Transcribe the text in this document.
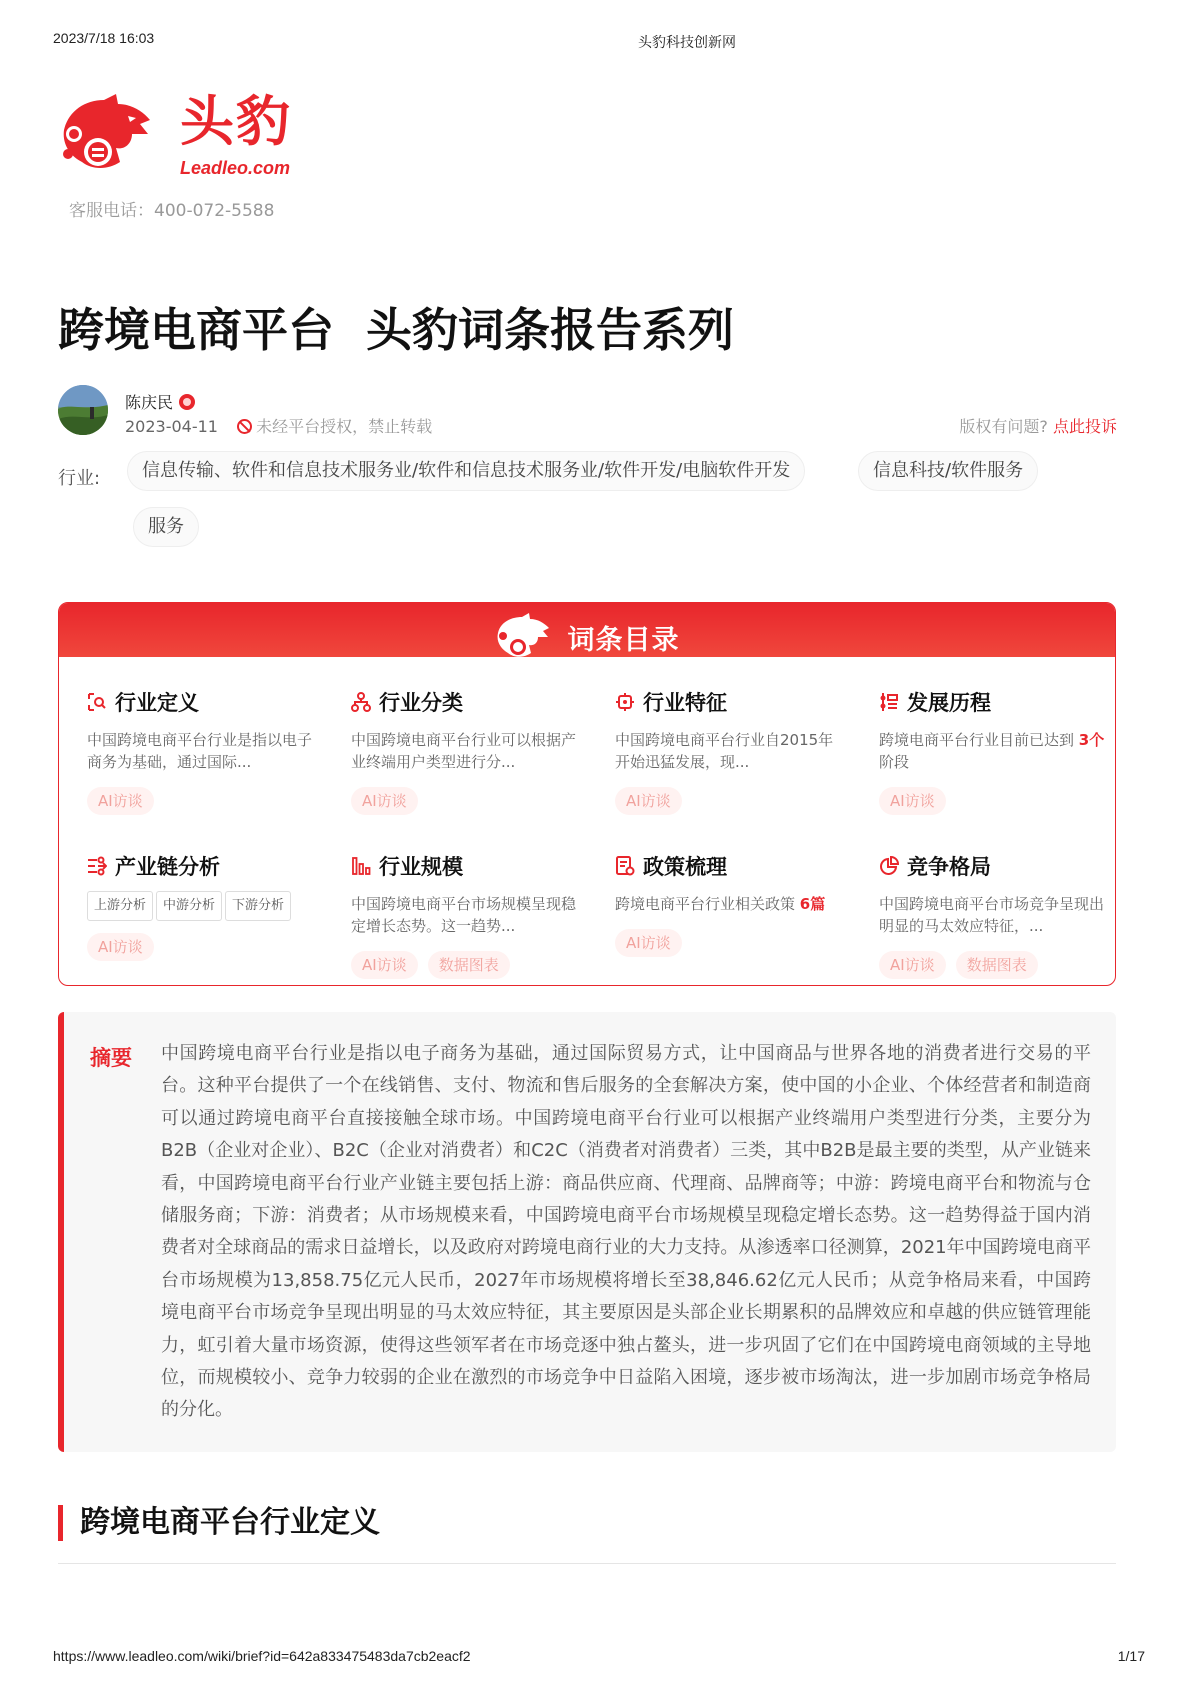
2023/7/18 16:03	头豹科技创新网
头豹
Leadleo.com
客服电话：400-072-5588
跨境电商平台 头豹词条报告系列
陈庆民
2023-04-11 未经平台授权，禁止转载	版权有问题? 点此投诉
行业:	信息传输、软件和信息技术服务业/软件和信息技术服务业/软件开发/电脑软件开发	信息科技/软件服务
服务
词条目录
行业定义
中国跨境电商平台行业是指以电子商务为基础，通过国际...
AI访谈
行业分类
中国跨境电商平台行业可以根据产业终端用户类型进行分...
AI访谈
行业特征
中国跨境电商平台行业自2015年开始迅猛发展，现...
AI访谈
发展历程
跨境电商平台行业目前已达到 3个阶段
AI访谈
产业链分析
上游分析 中游分析 下游分析
AI访谈
行业规模
中国跨境电商平台市场规模呈现稳定增长态势。这一趋势...
AI访谈 数据图表
政策梳理
跨境电商平台行业相关政策 6篇
AI访谈
竞争格局
中国跨境电商平台市场竞争呈现出明显的马太效应特征，...
AI访谈 数据图表
摘要 中国跨境电商平台行业是指以电子商务为基础，通过国际贸易方式，让中国商品与世界各地的消费者进行交易的平台。这种平台提供了一个在线销售、支付、物流和售后服务的全套解决方案，使中国的小企业、个体经营者和制造商可以通过跨境电商平台直接接触全球市场。中国跨境电商平台行业可以根据产业终端用户类型进行分类，主要分为B2B（企业对企业）、B2C（企业对消费者）和C2C（消费者对消费者）三类，其中B2B是最主要的类型，从产业链来看，中国跨境电商平台行业产业链主要包括上游：商品供应商、代理商、品牌商等；中游：跨境电商平台和物流与仓储服务商；下游：消费者；从市场规模来看，中国跨境电商平台市场规模呈现稳定增长态势。这一趋势得益于国内消费者对全球商品的需求日益增长，以及政府对跨境电商行业的大力支持。从渗透率口径测算，2021年中国跨境电商平台市场规模为13,858.75亿元人民币，2027年市场规模将增长至38,846.62亿元人民币；从竞争格局来看，中国跨境电商平台市场竞争呈现出明显的马太效应特征，其主要原因是头部企业长期累积的品牌效应和卓越的供应链管理能力，虹引着大量市场资源，使得这些领军者在市场竞逐中独占鳌头，进一步巩固了它们在中国跨境电商领域的主导地位，而规模较小、竞争力较弱的企业在激烈的市场竞争中日益陷入困境，逐步被市场淘汰，进一步加剧市场竞争格局的分化。
跨境电商平台行业定义
https://www.leadleo.com/wiki/brief?id=642a833475483da7cb2eacf2	1/17
